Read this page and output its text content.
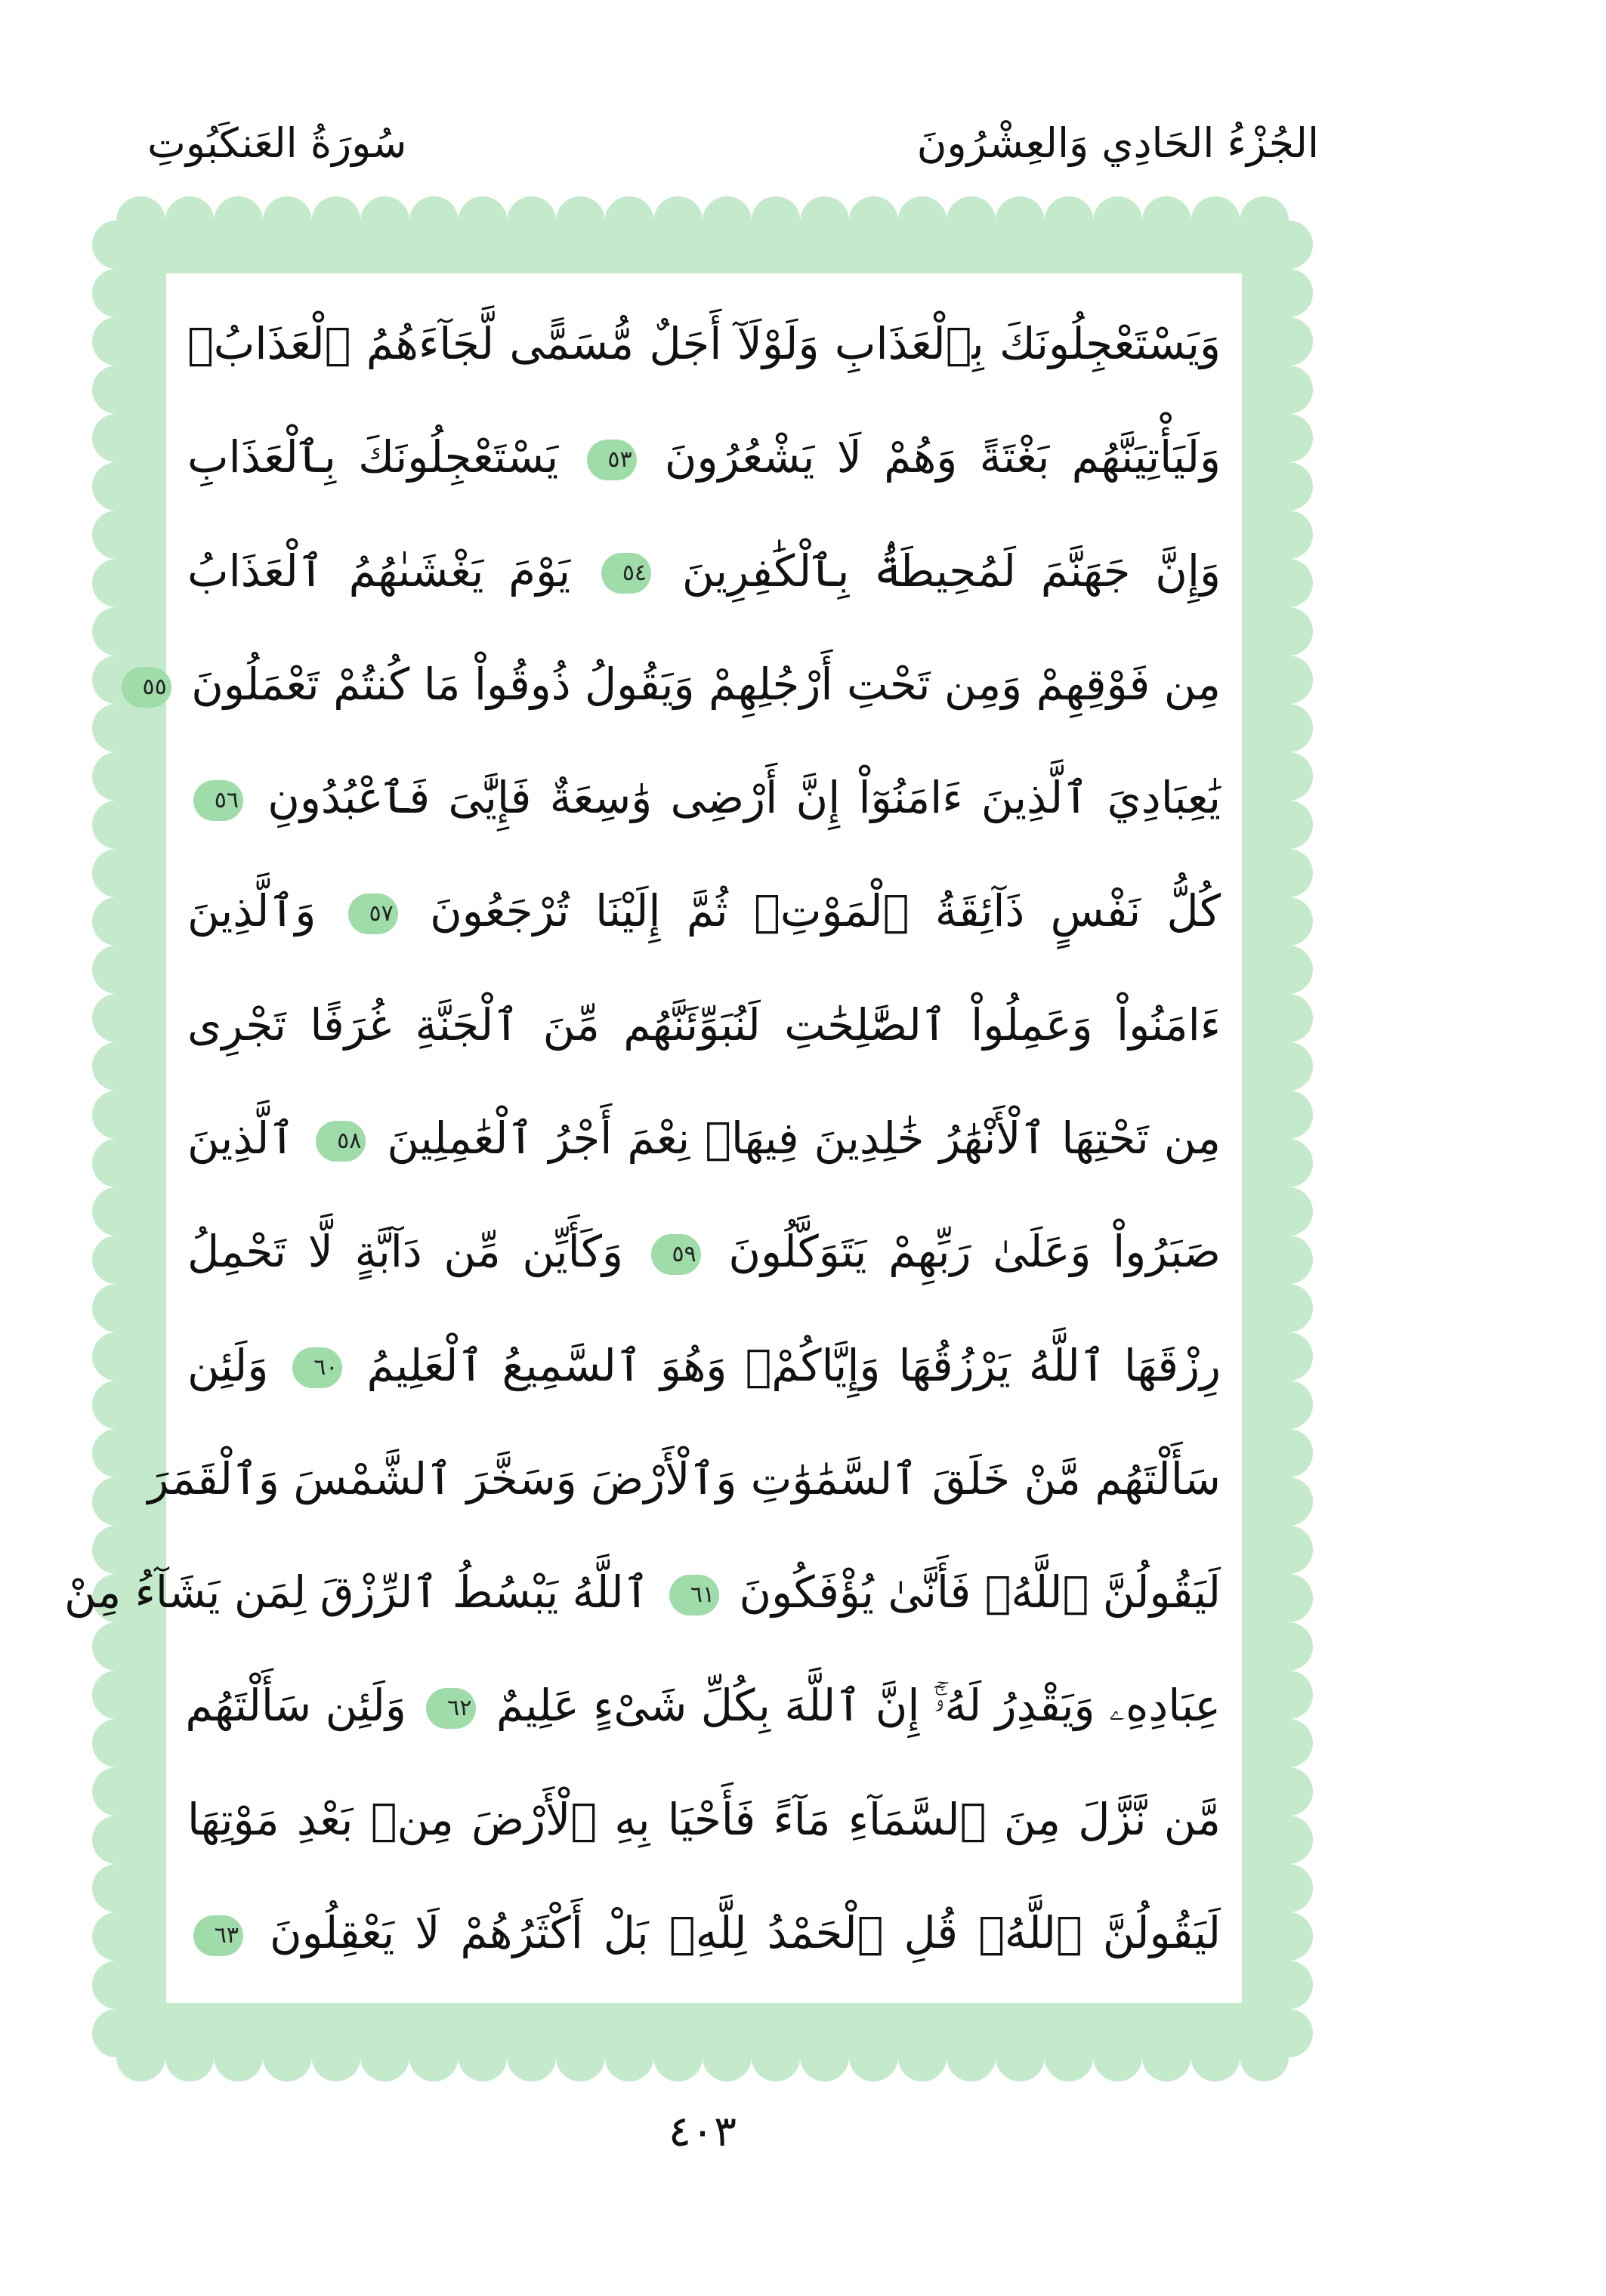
الجُزْءُ الحَادِي وَالعِشْرُونَ
سُورَةُ العَنكَبُوتِ
وَيَسْتَعْجِلُونَكَ بِٱلْعَذَابِ وَلَوْلَآ أَجَلٌ مُّسَمًّى لَّجَآءَهُمُ ٱلْعَذَابُۚ
وَلَيَأْتِيَنَّهُم بَغْتَةً وَهُمْ لَا يَشْعُرُونَ ٥٣ يَسْتَعْجِلُونَكَ بِٱلْعَذَابِ
وَإِنَّ جَهَنَّمَ لَمُحِيطَةُۢ بِٱلْكَٰفِرِينَ ٥٤ يَوْمَ يَغْشَىٰهُمُ ٱلْعَذَابُ
مِن فَوْقِهِمْ وَمِن تَحْتِ أَرْجُلِهِمْ وَيَقُولُ ذُوقُواْ مَا كُنتُمْ تَعْمَلُونَ ٥٥
يَٰعِبَادِيَ ٱلَّذِينَ ءَامَنُوٓاْ إِنَّ أَرْضِى وَٰسِعَةٌ فَإِيَّٰىَ فَٱعْبُدُونِ ٥٦
كُلُّ نَفْسٍ ذَآئِقَةُ ٱلْمَوْتِۖ ثُمَّ إِلَيْنَا تُرْجَعُونَ ٥٧ وَٱلَّذِينَ
ءَامَنُواْ وَعَمِلُواْ ٱلصَّٰلِحَٰتِ لَنُبَوِّئَنَّهُم مِّنَ ٱلْجَنَّةِ غُرَفًا تَجْرِى
مِن تَحْتِهَا ٱلْأَنْهَٰرُ خَٰلِدِينَ فِيهَاۚ نِعْمَ أَجْرُ ٱلْعَٰمِلِينَ ٥٨ ٱلَّذِينَ
صَبَرُواْ وَعَلَىٰ رَبِّهِمْ يَتَوَكَّلُونَ ٥٩ وَكَأَيِّن مِّن دَآبَّةٍ لَّا تَحْمِلُ
رِزْقَهَا ٱللَّهُ يَرْزُقُهَا وَإِيَّاكُمْۚ وَهُوَ ٱلسَّمِيعُ ٱلْعَلِيمُ ٦٠ وَلَئِن
سَأَلْتَهُم مَّنْ خَلَقَ ٱلسَّمَٰوَٰتِ وَٱلْأَرْضَ وَسَخَّرَ ٱلشَّمْسَ وَٱلْقَمَرَ
لَيَقُولُنَّ ٱللَّهُۖ فَأَنَّىٰ يُؤْفَكُونَ ٦١ ٱللَّهُ يَبْسُطُ ٱلرِّزْقَ لِمَن يَشَآءُ مِنْ
عِبَادِهِۦ وَيَقْدِرُ لَهُۥٓۚ إِنَّ ٱللَّهَ بِكُلِّ شَىْءٍ عَلِيمٌ ٦٢ وَلَئِن سَأَلْتَهُم
مَّن نَّزَّلَ مِنَ ٱلسَّمَآءِ مَآءً فَأَحْيَا بِهِ ٱلْأَرْضَ مِنۢ بَعْدِ مَوْتِهَا
لَيَقُولُنَّ ٱللَّهُۚ قُلِ ٱلْحَمْدُ لِلَّهِۚ بَلْ أَكْثَرُهُمْ لَا يَعْقِلُونَ ٦٣
٤٠٣
